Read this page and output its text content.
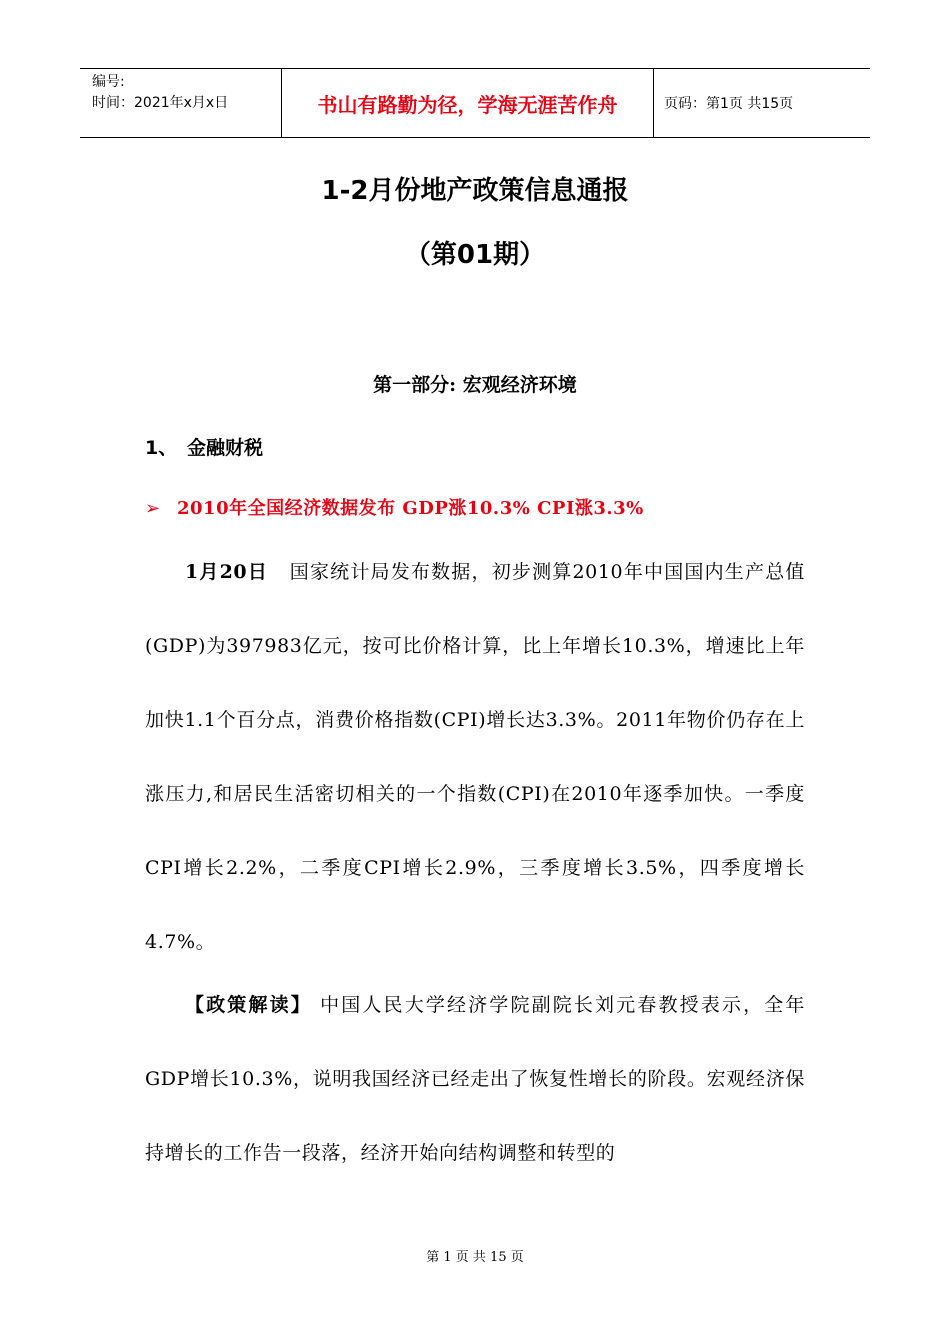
编号:
时间：2021年x月x日	书山有路勤为径，学海无涯苦作舟	页码：第1页 共15页
1-2月份地产政策信息通报
（第01期）
第一部分: 宏观经济环境
1、 金融财税
➢ 2010年全国经济数据发布 GDP涨10.3% CPI涨3.3%
1月20日 国家统计局发布数据，初步测算2010年中国国内生产总值(GDP)为397983亿元，按可比价格计算，比上年增长10.3%，增速比上年加快1.1个百分点，消费价格指数(CPI)增长达3.3%。2011年物价仍存在上涨压力,和居民生活密切相关的一个指数(CPI)在2010年逐季加快。一季度CPI增长2.2%，二季度CPI增长2.9%，三季度增长3.5%，四季度增长4.7%。
【政策解读】 中国人民大学经济学院副院长刘元春教授表示，全年GDP增长10.3%，说明我国经济已经走出了恢复性增长的阶段。宏观经济保持增长的工作告一段落，经济开始向结构调整和转型的
第 1 页 共 15 页
